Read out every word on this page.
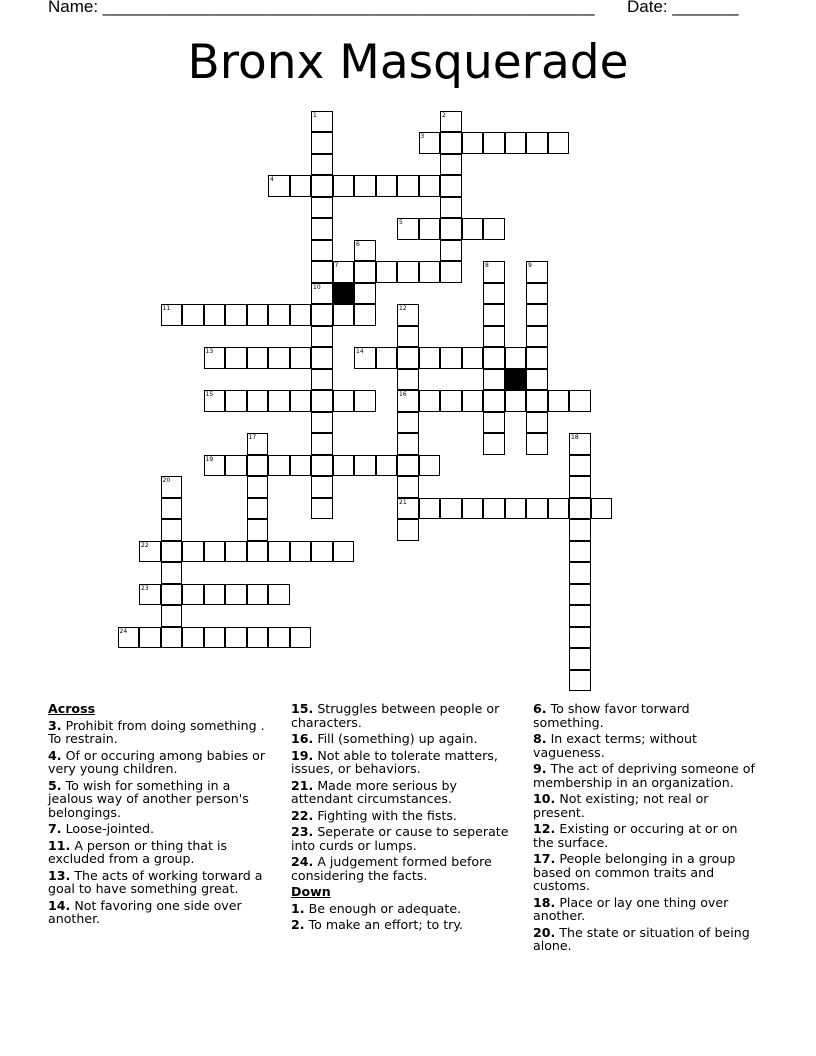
Name: ____________________________________________________ Date: _______
Bronx Masquerade
1
10
2
3
4
5
6
7	8	9
11	12
16
21
13	14
15
17	18
19
20
22
23
24
Across
3. Prohibit from doing something . To restrain.
4. Of or occuring among babies or very young children.
5. To wish for something in a jealous way of another person's belongings.
7. Loose-jointed.
11. A person or thing that is excluded from a group.
13. The acts of working torward a goal to have something great.
14. Not favoring one side over another.
15. Struggles between people or characters.
16. Fill (something) up again.
19. Not able to tolerate matters, issues, or behaviors.
21. Made more serious by attendant circumstances.
22. Fighting with the fists.
23. Seperate or cause to seperate into curds or lumps.
24. A judgement formed before considering the facts.
Down
1. Be enough or adequate.
2. To make an effort; to try.
6. To show favor torward something.
8. In exact terms; without vagueness.
9. The act of depriving someone of membership in an organization.
10. Not existing; not real or present.
12. Existing or occuring at or on the surface.
17. People belonging in a group based on common traits and customs.
18. Place or lay one thing over another.
20. The state or situation of being alone.
